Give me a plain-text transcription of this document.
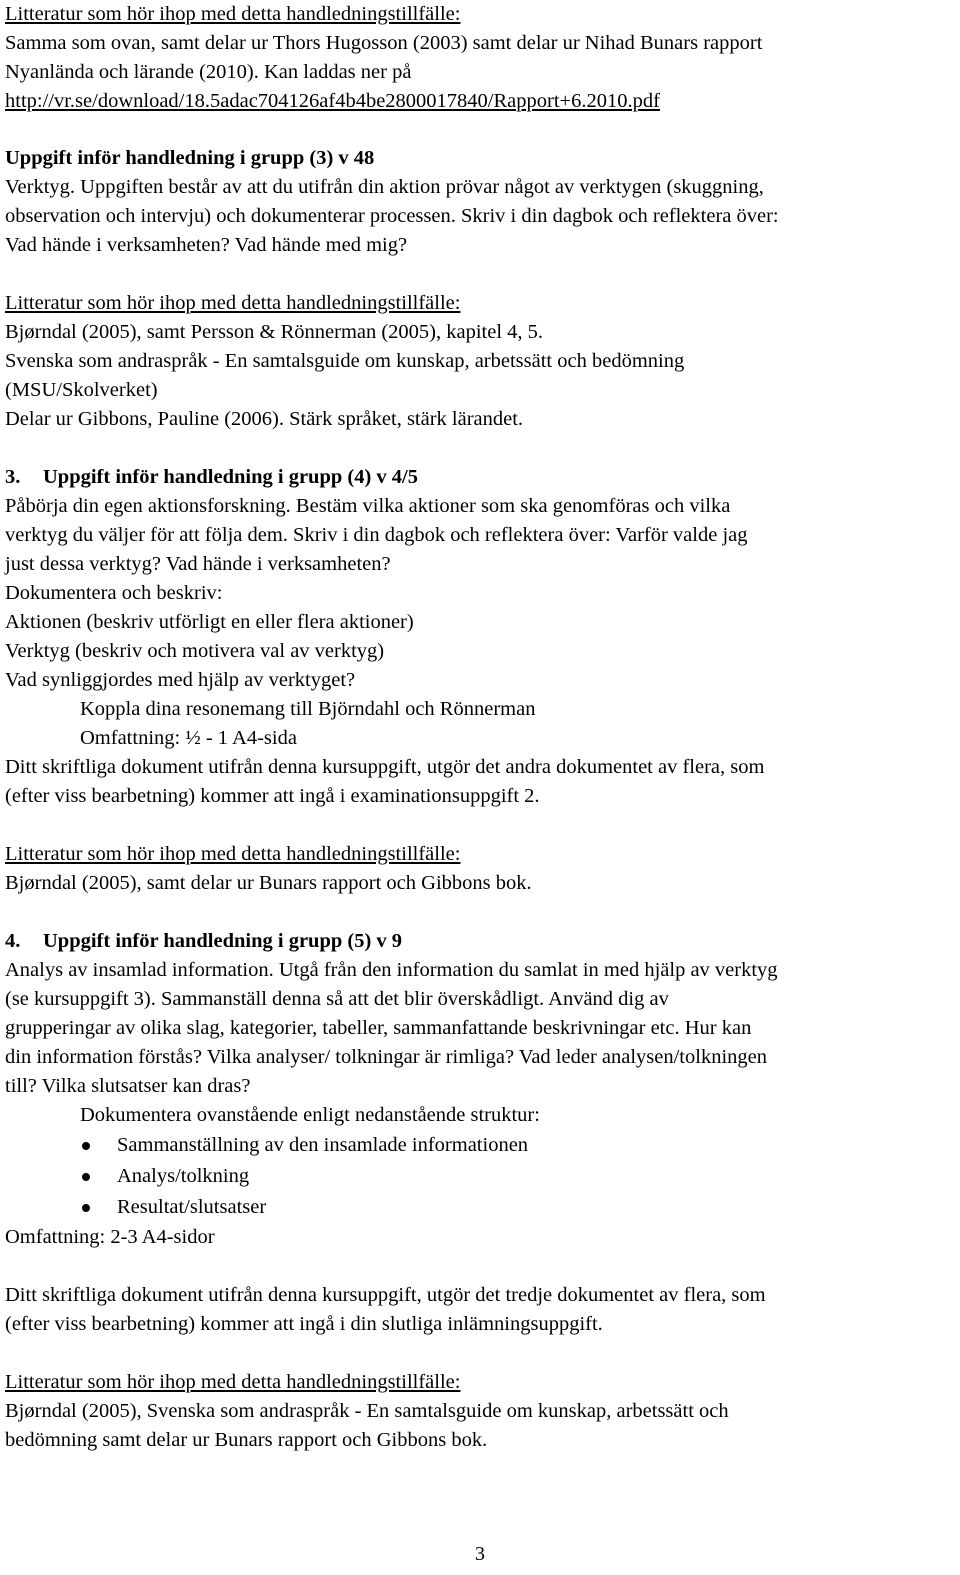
Litteratur som hör ihop med detta handledningstillfälle:
Samma som ovan, samt delar ur Thors Hugosson (2003) samt delar ur Nihad Bunars rapport
Nyanlända och lärande (2010). Kan laddas ner på
http://vr.se/download/18.5adac704126af4b4be2800017840/Rapport+6.2010.pdf
Uppgift inför handledning i grupp (3) v 48
Verktyg. Uppgiften består av att du utifrån din aktion prövar något av verktygen (skuggning,
observation och intervju) och dokumenterar processen. Skriv i din dagbok och reflektera över:
Vad hände i verksamheten? Vad hände med mig?
Litteratur som hör ihop med detta handledningstillfälle:
Bjørndal (2005), samt Persson & Rönnerman (2005), kapitel 4, 5.
Svenska som andraspråk - En samtalsguide om kunskap, arbetssätt och bedömning
(MSU/Skolverket)
Delar ur Gibbons, Pauline (2006). Stärk språket, stärk lärandet.
3. Uppgift inför handledning i grupp (4) v 4/5
Påbörja din egen aktionsforskning. Bestäm vilka aktioner som ska genomföras och vilka
verktyg du väljer för att följa dem. Skriv i din dagbok och reflektera över: Varför valde jag
just dessa verktyg? Vad hände i verksamheten?
Dokumentera och beskriv:
Aktionen (beskriv utförligt en eller flera aktioner)
Verktyg (beskriv och motivera val av verktyg)
Vad synliggjordes med hjälp av verktyget?
Koppla dina resonemang till Björndahl och Rönnerman
Omfattning: ½ - 1 A4-sida
Ditt skriftliga dokument utifrån denna kursuppgift, utgör det andra dokumentet av flera, som
(efter viss bearbetning) kommer att ingå i examinationsuppgift 2.
Litteratur som hör ihop med detta handledningstillfälle:
Bjørndal (2005), samt delar ur Bunars rapport och Gibbons bok.
4. Uppgift inför handledning i grupp (5) v 9
Analys av insamlad information. Utgå från den information du samlat in med hjälp av verktyg
(se kursuppgift 3). Sammanställ denna så att det blir överskådligt. Använd dig av
grupperingar av olika slag, kategorier, tabeller, sammanfattande beskrivningar etc. Hur kan
din information förstås? Vilka analyser/ tolkningar är rimliga? Vad leder analysen/tolkningen
till? Vilka slutsatser kan dras?
Dokumentera ovanstående enligt nedanstående struktur:
Sammanställning av den insamlade informationen
Analys/tolkning
Resultat/slutsatser
Omfattning: 2-3 A4-sidor
Ditt skriftliga dokument utifrån denna kursuppgift, utgör det tredje dokumentet av flera, som
(efter viss bearbetning) kommer att ingå i din slutliga inlämningsuppgift.
Litteratur som hör ihop med detta handledningstillfälle:
Bjørndal (2005), Svenska som andraspråk - En samtalsguide om kunskap, arbetssätt och
bedömning samt delar ur Bunars rapport och Gibbons bok.
3
